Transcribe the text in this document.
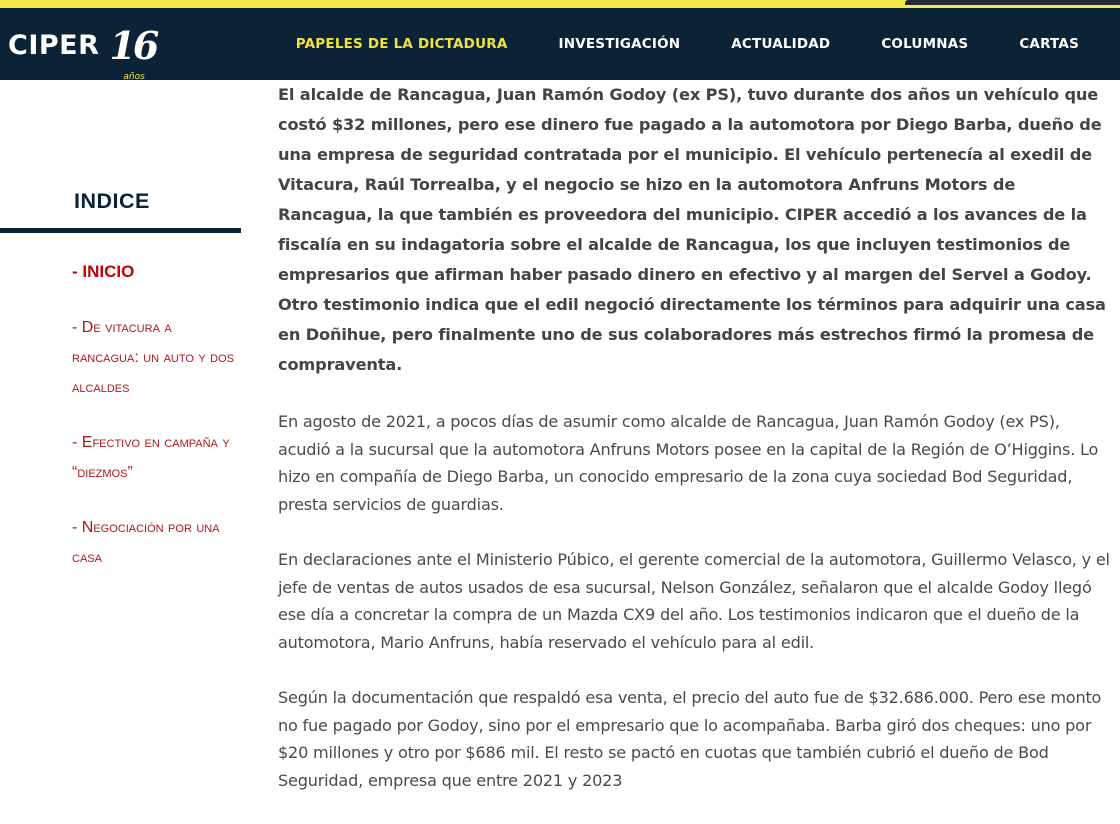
CIPER 16
años
PAPELES DE LA DICTADURA	INVESTIGACIÓN	ACTUALIDAD	COLUMNAS	CARTAS
INDICE
- INICIO
- De vitacura a rancagua: un auto y dos alcaldes
- Efectivo en campaña y “diezmos”
- Negociación por una casa

El alcalde de Rancagua, Juan Ramón Godoy (ex PS), tuvo durante dos años un vehículo que costó $32 millones, pero ese dinero fue pagado a la automotora por Diego Barba, dueño de una empresa de seguridad contratada por el municipio. El vehículo pertenecía al exedil de Vitacura, Raúl Torrealba, y el negocio se hizo en la automotora Anfruns Motors de Rancagua, la que también es proveedora del municipio. CIPER accedió a los avances de la fiscalía en su indagatoria sobre el alcalde de Rancagua, los que incluyen testimonios de empresarios que afirman haber pasado dinero en efectivo y al margen del Servel a Godoy. Otro testimonio indica que el edil negoció directamente los términos para adquirir una casa en Doñihue, pero finalmente uno de sus colaboradores más estrechos firmó la promesa de compraventa.

En agosto de 2021, a pocos días de asumir como alcalde de Rancagua, Juan Ramón Godoy (ex PS), acudió a la sucursal que la automotora Anfruns Motors posee en la capital de la Región de O’Higgins. Lo hizo en compañía de Diego Barba, un conocido empresario de la zona cuya sociedad Bod Seguridad, presta servicios de guardias.

En declaraciones ante el Ministerio Púbico, el gerente comercial de la automotora, Guillermo Velasco, y el jefe de ventas de autos usados de esa sucursal, Nelson González, señalaron que el alcalde Godoy llegó ese día a concretar la compra de un Mazda CX9 del año. Los testimonios indicaron que el dueño de la automotora, Mario Anfruns, había reservado el vehículo para al edil.

Según la documentación que respaldó esa venta, el precio del auto fue de $32.686.000. Pero ese monto no fue pagado por Godoy, sino por el empresario que lo acompañaba. Barba giró dos cheques: uno por $20 millones y otro por $686 mil. El resto se pactó en cuotas que también cubrió el dueño de Bod Seguridad, empresa que entre 2021 y 2023
